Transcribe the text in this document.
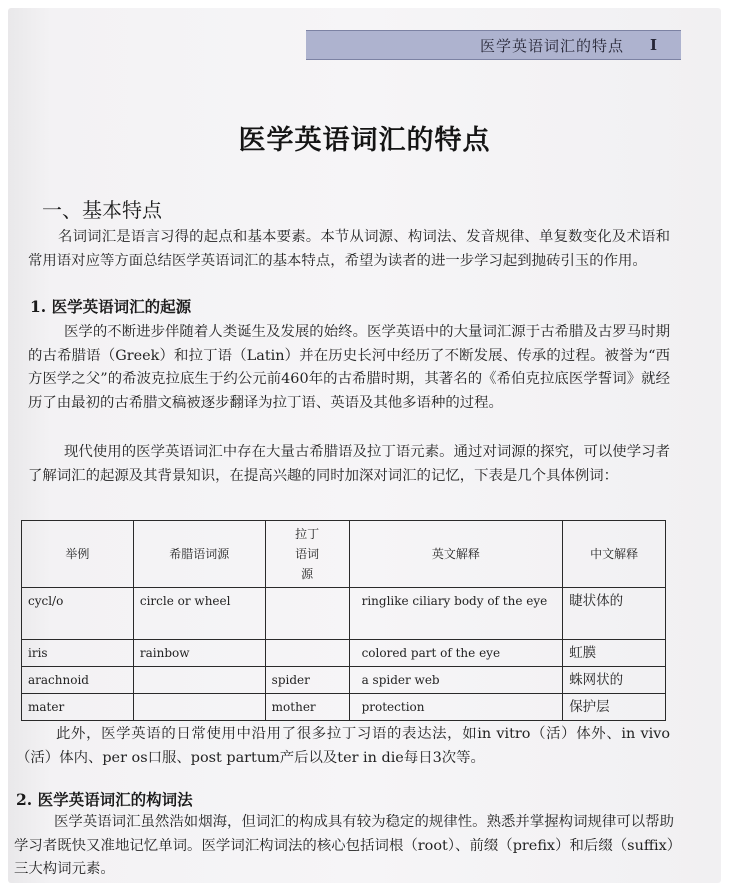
医学英语词汇的特点 I
医学英语词汇的特点
一、基本特点

名词词汇是语言习得的起点和基本要素。本节从词源、构词法、发音规律、单复数变化及术语和常用语对应等方面总结医学英语词汇的基本特点，希望为读者的进一步学习起到抛砖引玉的作用。

1. 医学英语词汇的起源

医学的不断进步伴随着人类诞生及发展的始终。医学英语中的大量词汇源于古希腊及古罗马时期的古希腊语（Greek）和拉丁语（Latin）并在历史长河中经历了不断发展、传承的过程。被誉为“西方医学之父”的希波克拉底生于约公元前460年的古希腊时期，其著名的《希伯克拉底医学誓词》就经历了由最初的古希腊文稿被逐步翻译为拉丁语、英语及其他多语种的过程。

现代使用的医学英语词汇中存在大量古希腊语及拉丁语元素。通过对词源的探究，可以使学习者了解词汇的起源及其背景知识，在提高兴趣的同时加深对词汇的记忆，下表是几个具体例词：

举例	希腊语词源	拉丁语词源	英文解释	中文解释

cycl/o	circle or wheel		ringlike ciliary body of the eye	睫状体的
iris	rainbow		colored part of the eye	虹膜
arachnoid		spider	a spider web	蛛网状的
mater		mother	protection	保护层

此外，医学英语的日常使用中沿用了很多拉丁习语的表达法，如in vitro（活）体外、in vivo（活）体内、per os口服、post partum产后以及ter in die每日3次等。

2. 医学英语词汇的构词法

医学英语词汇虽然浩如烟海，但词汇的构成具有较为稳定的规律性。熟悉并掌握构词规律可以帮助学习者既快又准地记忆单词。医学词汇构词法的核心包括词根（root）、前缀（prefix）和后缀（suffix）三大构词元素。
